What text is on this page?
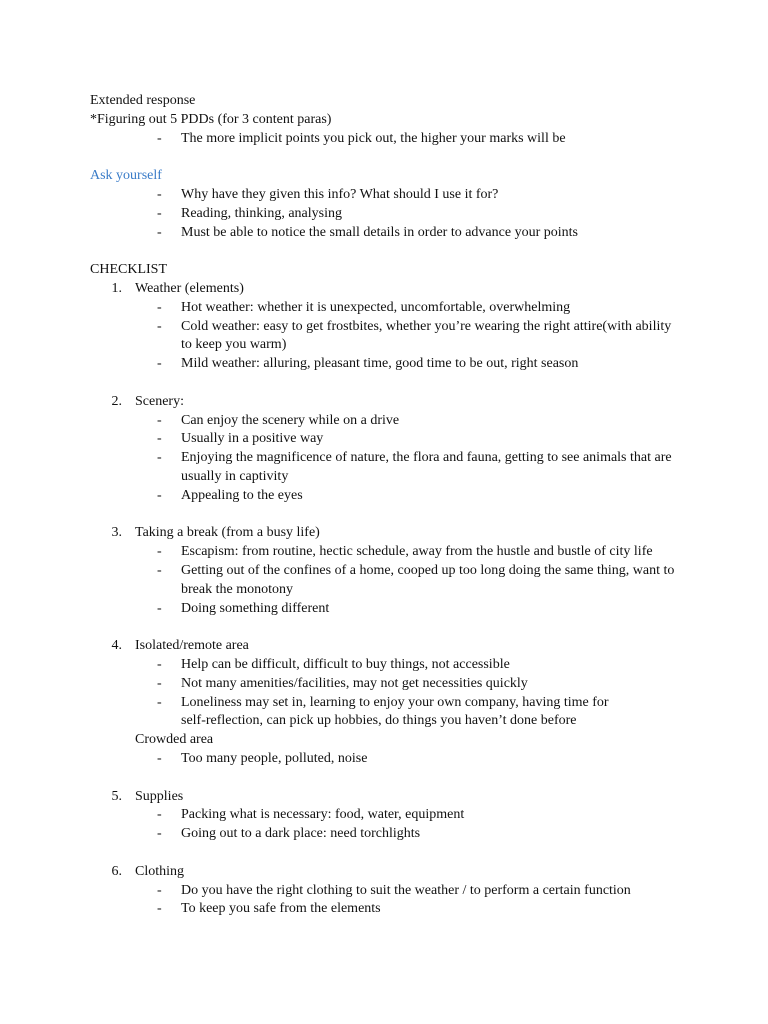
Extended response
*Figuring out 5 PDDs (for 3 content paras)
-	The more implicit points you pick out, the higher your marks will be
Ask yourself
-	Why have they given this info? What should I use it for?
-	Reading, thinking, analysing
-	Must be able to notice the small details in order to advance your points
CHECKLIST
1. Weather (elements)
-	Hot weather: whether it is unexpected, uncomfortable, overwhelming
-	Cold weather: easy to get frostbites, whether you’re wearing the right attire(with ability
to keep you warm)
-	Mild weather: alluring, pleasant time, good time to be out, right season
2. Scenery:
-	Can enjoy the scenery while on a drive
-	Usually in a positive way
-	Enjoying the magnificence of nature, the flora and fauna, getting to see animals that are
usually in captivity
-	Appealing to the eyes
3. Taking a break (from a busy life)
-	Escapism: from routine, hectic schedule, away from the hustle and bustle of city life
-	Getting out of the confines of a home, cooped up too long doing the same thing, want to
break the monotony
-	Doing something different
4. Isolated/remote area
-	Help can be difficult, difficult to buy things, not accessible
-	Not many amenities/facilities, may not get necessities quickly
-	Loneliness may set in, learning to enjoy your own company, having time for
self-reflection, can pick up hobbies, do things you haven’t done before
Crowded area
-	Too many people, polluted, noise
5. Supplies
-	Packing what is necessary: food, water, equipment
-	Going out to a dark place: need torchlights
6. Clothing
-	Do you have the right clothing to suit the weather / to perform a certain function
-	To keep you safe from the elements
